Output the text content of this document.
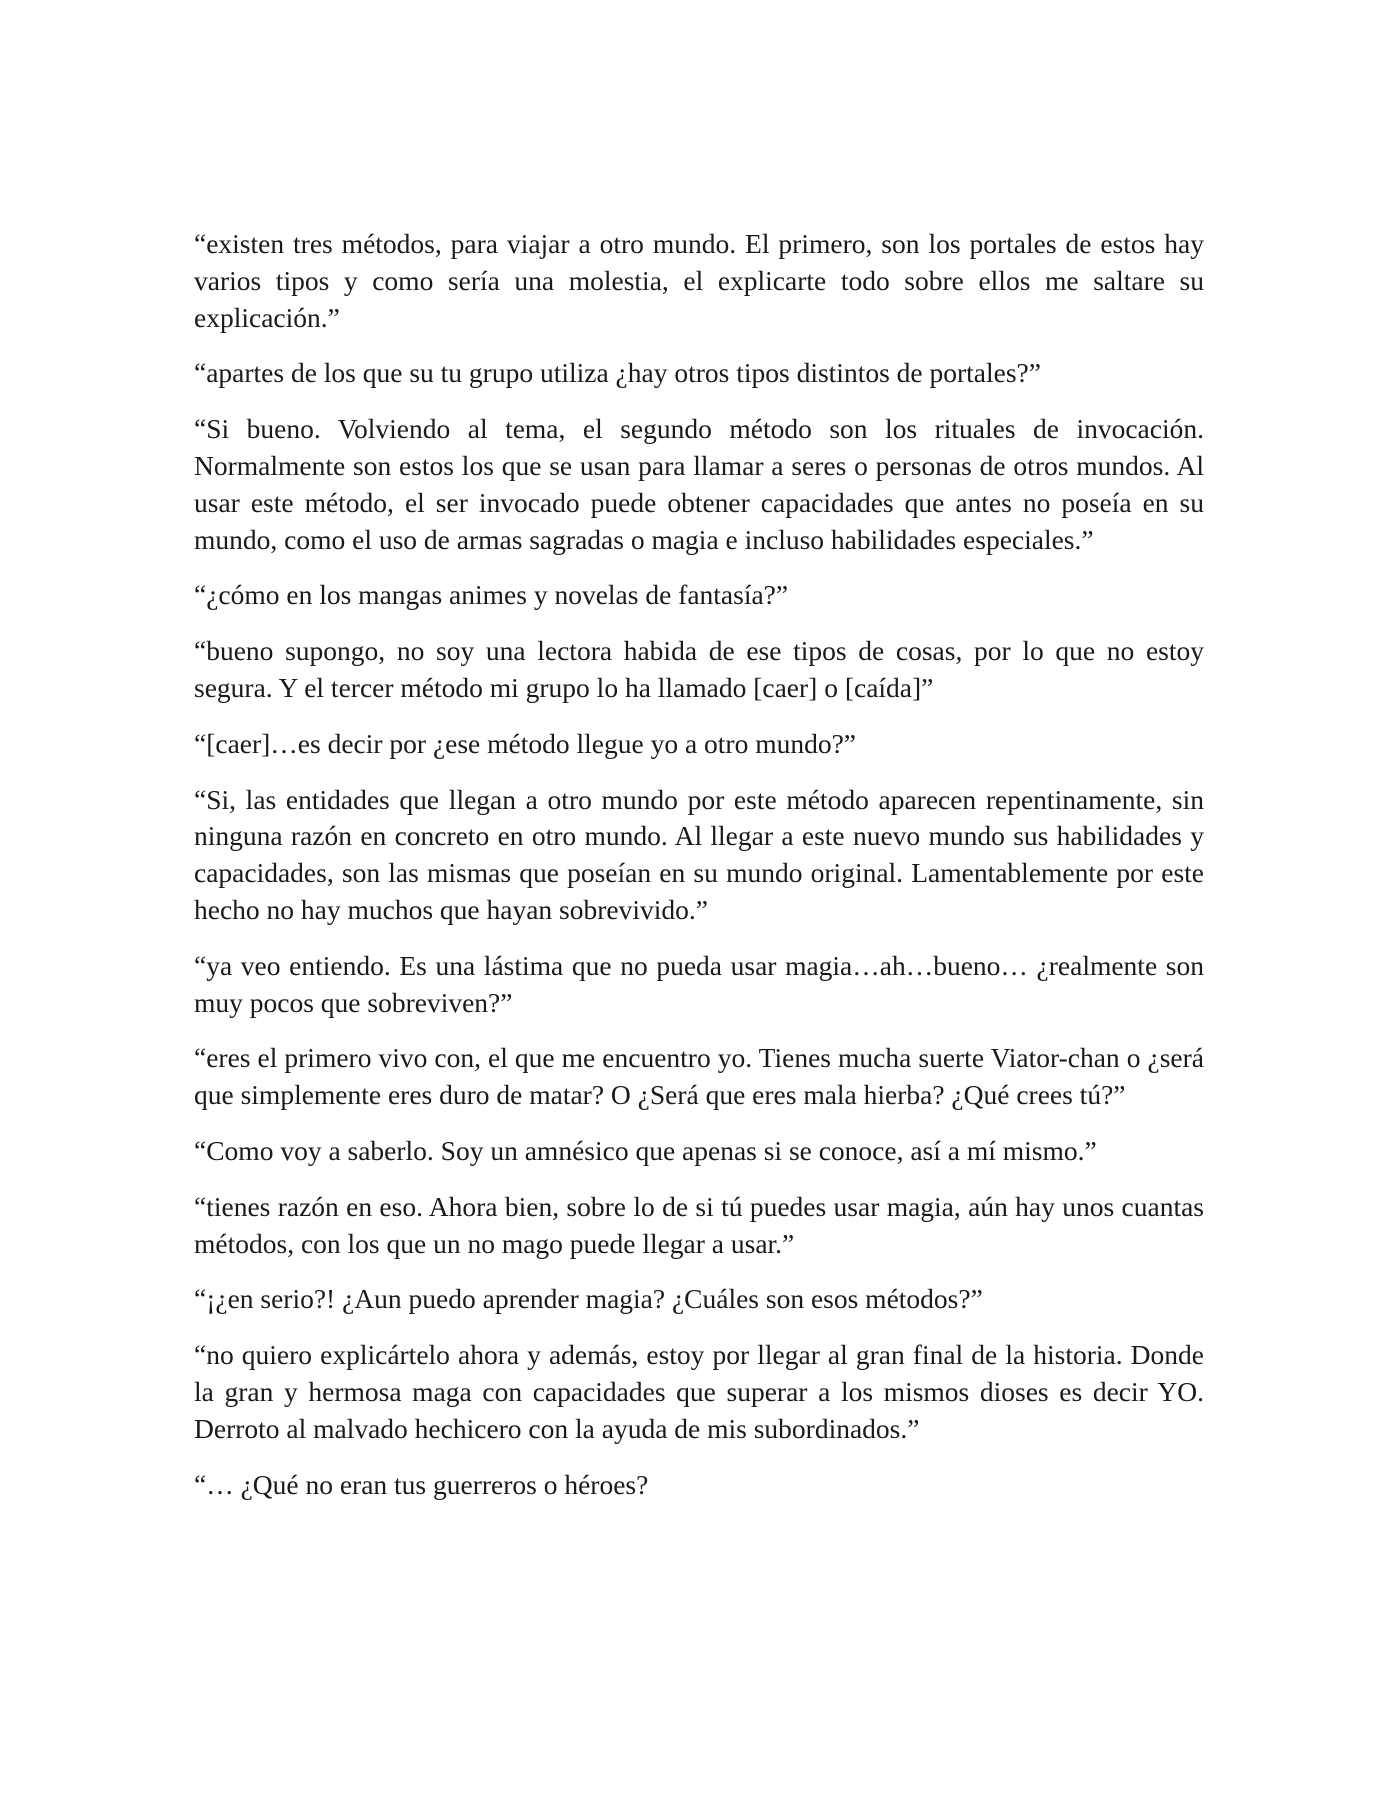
“existen tres métodos, para viajar a otro mundo. El primero, son los portales de estos hay varios tipos y como sería una molestia, el explicarte todo sobre ellos me saltare su explicación.”

“apartes de los que su tu grupo utiliza ¿hay otros tipos distintos de portales?”

“Si bueno. Volviendo al tema, el segundo método son los rituales de invocación. Normalmente son estos los que se usan para llamar a seres o personas de otros mundos. Al usar este método, el ser invocado puede obtener capacidades que antes no poseía en su mundo, como el uso de armas sagradas o magia e incluso habilidades especiales.”

“¿cómo en los mangas animes y novelas de fantasía?”

“bueno supongo, no soy una lectora habida de ese tipos de cosas, por lo que no estoy segura. Y el tercer método mi grupo lo ha llamado [caer] o [caída]”

“[caer]…es decir por ¿ese método llegue yo a otro mundo?”

“Si, las entidades que llegan a otro mundo por este método aparecen repentinamente, sin ninguna razón en concreto en otro mundo. Al llegar a este nuevo mundo sus habilidades y capacidades, son las mismas que poseían en su mundo original. Lamentablemente por este hecho no hay muchos que hayan sobrevivido.”

“ya veo entiendo. Es una lástima que no pueda usar magia…ah…bueno… ¿realmente son muy pocos que sobreviven?”

“eres el primero vivo con, el que me encuentro yo. Tienes mucha suerte Viator-chan o ¿será que simplemente eres duro de matar? O ¿Será que eres mala hierba? ¿Qué crees tú?”

“Como voy a saberlo. Soy un amnésico que apenas si se conoce, así a mí mismo.”

“tienes razón en eso. Ahora bien, sobre lo de si tú puedes usar magia, aún hay unos cuantas métodos, con los que un no mago puede llegar a usar.”

“¡¿en serio?! ¿Aun puedo aprender magia? ¿Cuáles son esos métodos?”

“no quiero explicártelo ahora y además, estoy por llegar al gran final de la historia. Donde la gran y hermosa maga con capacidades que superar a los mismos dioses es decir YO. Derroto al malvado hechicero con la ayuda de mis subordinados.”

“… ¿Qué no eran tus guerreros o héroes?
